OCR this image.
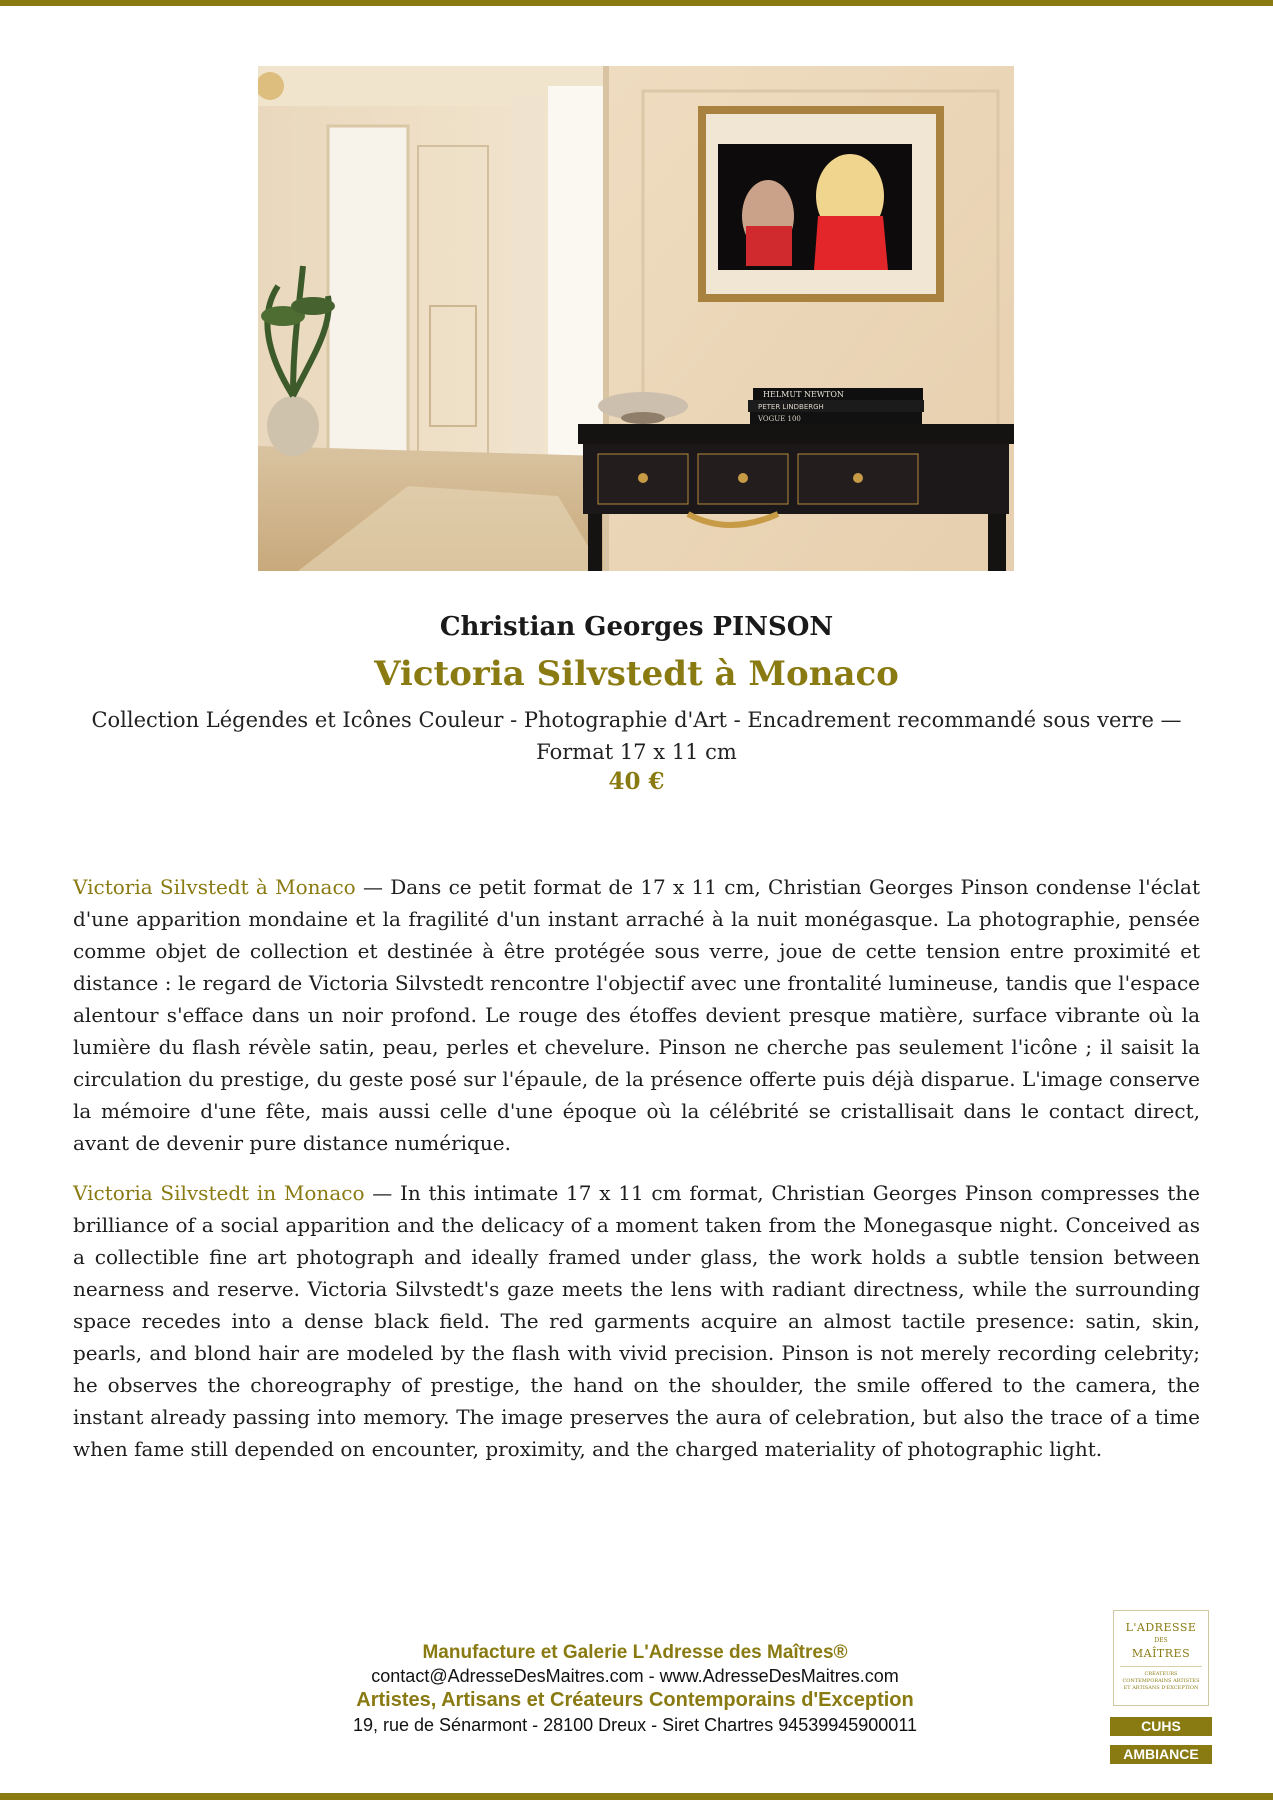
HELMUT NEWTON
PETER LINDBERGH
VOGUE 100
Christian Georges PINSON
Victoria Silvstedt à Monaco
Collection Légendes et Icônes Couleur - Photographie d'Art - Encadrement recommandé sous verre — Format 17 x 11 cm
40 €

Victoria Silvstedt à Monaco — Dans ce petit format de 17 x 11 cm, Christian Georges Pinson condense l'éclat d'une apparition mondaine et la fragilité d'un instant arraché à la nuit monégasque. La photographie, pensée comme objet de collection et destinée à être protégée sous verre, joue de cette tension entre proximité et distance : le regard de Victoria Silvstedt rencontre l'objectif avec une frontalité lumineuse, tandis que l'espace alentour s'efface dans un noir profond. Le rouge des étoffes devient presque matière, surface vibrante où la lumière du flash révèle satin, peau, perles et chevelure. Pinson ne cherche pas seulement l'icône ; il saisit la circulation du prestige, du geste posé sur l'épaule, de la présence offerte puis déjà disparue. L'image conserve la mémoire d'une fête, mais aussi celle d'une époque où la célébrité se cristallisait dans le contact direct, avant de devenir pure distance numérique.

Victoria Silvstedt in Monaco — In this intimate 17 x 11 cm format, Christian Georges Pinson compresses the brilliance of a social apparition and the delicacy of a moment taken from the Monegasque night. Conceived as a collectible fine art photograph and ideally framed under glass, the work holds a subtle tension between nearness and reserve. Victoria Silvstedt's gaze meets the lens with radiant directness, while the surrounding space recedes into a dense black field. The red garments acquire an almost tactile presence: satin, skin, pearls, and blond hair are modeled by the flash with vivid precision. Pinson is not merely recording celebrity; he observes the choreography of prestige, the hand on the shoulder, the smile offered to the camera, the instant already passing into memory. The image preserves the aura of celebration, but also the trace of a time when fame still depended on encounter, proximity, and the charged materiality of photographic light.

Manufacture et Galerie L'Adresse des Maîtres®
contact@AdresseDesMaitres.com - www.AdresseDesMaitres.com
Artistes, Artisans et Créateurs Contemporains d'Exception
19, rue de Sénarmont - 28100 Dreux - Siret Chartres 94539945900011
L'ADRESSE
DES
MAÎTRES
CRÉATEURS CONTEMPORAINS ARTISTES ET ARTISANS D'EXCEPTION
CUHS
AMBIANCE
